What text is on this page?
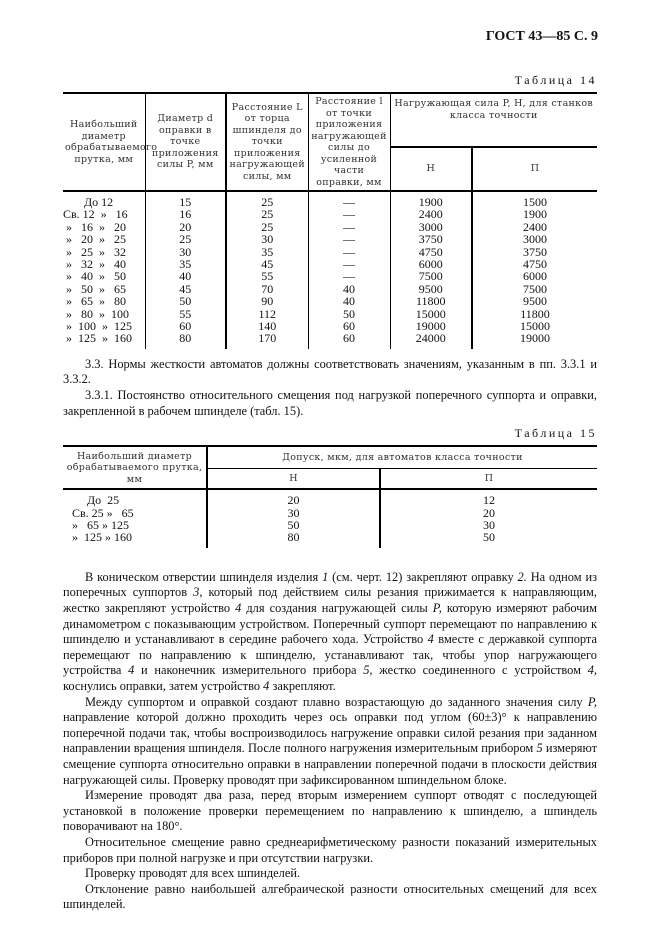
ГОСТ 43—85 С. 9
Таблица 14
Наибольший диаметр обрабатываемого прутка, мм	Диаметр d оправки в точке приложения силы P, мм	Расстояние L от торца шпинделя до точки приложения нагружающей силы, мм	Расстояние l от точки приложения нагружающей силы до усиленной части оправки, мм	Нагружающая сила P, Н, для станков класса точности	
				Н	П
До 12	15	25	—	1900	1500
Св. 12  »   16	16	25	—	2400	1900
»   16  »   20	20	25	—	3000	2400
»   20  »   25	25	30	—	3750	3000
»   25  »   32	30	35	—	4750	3750
»   32  »   40	35	45	—	6000	4750
»   40  »   50	40	55	—	7500	6000
»   50  »   65	45	70	40	9500	7500
»   65  »   80	50	90	40	11800	9500
»   80  »  100	55	112	50	15000	11800
»  100  »  125	60	140	60	19000	15000
»  125  »  160	80	170	60	24000	19000
3.3. Нормы жесткости автоматов должны соответствовать значениям, указанным в пп. 3.3.1 и 3.3.2.
3.3.1. Постоянство относительного смещения под нагрузкой поперечного суппорта и оправки, закрепленной в рабочем шпинделе (табл. 15).
Таблица 15
Наибольший диаметр обрабатываемого прутка, мм	Допуск, мкм, для автоматов класса точности	
	Н	П
До  25	20	12
Св. 25 »   65	30	20
»   65 » 125	50	30
»  125 » 160	80	50
В коническом отверстии шпинделя изделия 1 (см. черт. 12) закрепляют оправку 2. На одном из поперечных суппортов 3, который под действием силы резания прижимается к направляющим, жестко закрепляют устройство 4 для создания нагружающей силы P, которую измеряют рабочим динамометром с показывающим устройством. Поперечный суппорт перемещают по направлению к шпинделю и устанавливают в середине рабочего хода. Устройство 4 вместе с державкой суппорта перемещают по направлению к шпинделю, устанавливают так, чтобы упор нагружающего устройства 4 и наконечник измерительного прибора 5, жестко соединенного с устройством 4, коснулись оправки, затем устройство 4 закрепляют.
Между суппортом и оправкой создают плавно возрастающую до заданного значения силу P, направление которой должно проходить через ось оправки под углом (60±3)° к направлению поперечной подачи так, чтобы воспроизводилось нагружение оправки силой резания при заданном направлении вращения шпинделя. После полного нагружения измерительным прибором 5 измеряют смещение суппорта относительно оправки в направлении поперечной подачи в плоскости действия нагружающей силы. Проверку проводят при зафиксированном шпиндельном блоке.
Измерение проводят два раза, перед вторым измерением суппорт отводят с последующей установкой в положение проверки перемещением по направлению к шпинделю, а шпиндель поворачивают на 180°.
Относительное смещение равно среднеарифметическому разности показаний измерительных приборов при полной нагрузке и при отсутствии нагрузки.
Проверку проводят для всех шпинделей.
Отклонение равно наибольшей алгебраической разности относительных смещений для всех шпинделей.
